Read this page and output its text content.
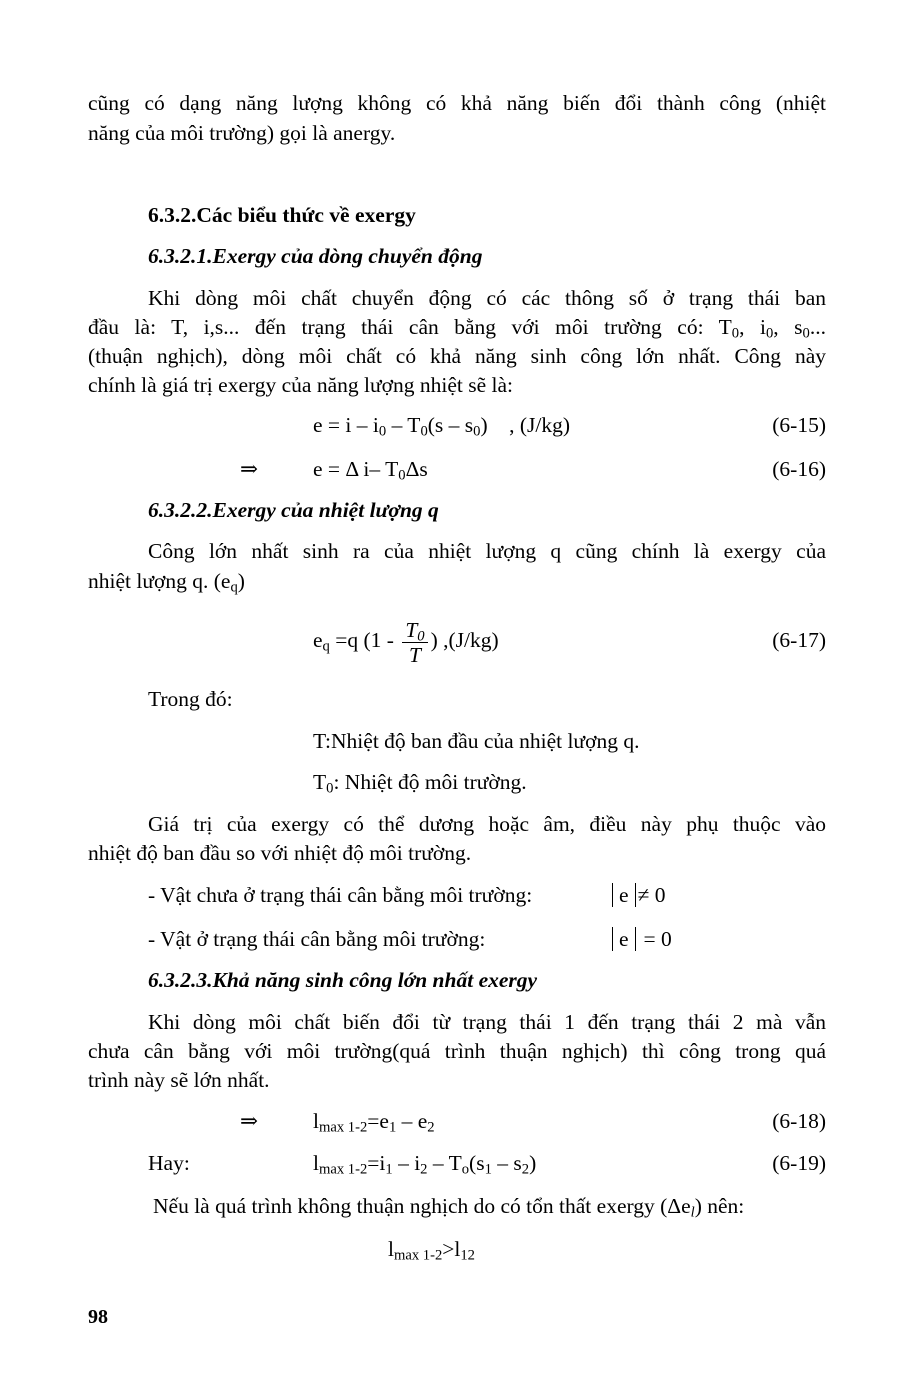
cũng có dạng năng lượng không có khả năng biến đổi thành công (nhiệt
năng của môi trường) gọi là anergy.
6.3.2.Các biểu thức về exergy
6.3.2.1.Exergy của dòng chuyển động
Khi dòng môi chất chuyển động có các thông số ở trạng thái ban
đầu là: T, i,s... đến trạng thái cân bằng với môi trường có: $T_0$, $i_0$, $s_0$...
(thuận nghịch), dòng môi chất có khả năng sinh công lớn nhất. Công này
chính là giá trị exergy của năng lượng nhiệt sẽ là:
$e = i - i_0 - T_0(s - s_0)$    , (J/kg)	(6-15)
⇒	e = Δ i– $T_0\Delta s$	(6-16)
6.3.2.2.Exergy của nhiệt lượng q
Công lớn nhất sinh ra của nhiệt lượng q cũng chính là exergy của
nhiệt lượng q. $(e_q)$
$e_q =q$ ($1 - \frac{T_0}{T}$ ) ,(J/kg)	(6-17)
Trong đó:
T:Nhiệt độ ban đầu của nhiệt lượng q.
$T_0$: Nhiệt độ môi trường.
Giá trị của exergy có thể dương hoặc âm, điều này phụ thuộc vào
nhiệt độ ban đầu so với nhiệt độ môi trường.
- Vật chưa ở trạng thái cân bằng môi trường:	e ≠ 0
- Vật ở trạng thái cân bằng môi trường:	e = 0
6.3.2.3.Khả năng sinh công lớn nhất exergy
Khi dòng môi chất biến đổi từ trạng thái 1 đến trạng thái 2 mà vẫn
chưa cân bằng với môi trường(quá trình thuận nghịch) thì công trong quá
trình này sẽ lớn nhất.
⇒	$l_{max 1-2}=e_1 - e_2$	(6-18)
Hay:	$l_{max 1-2}=i_1 - i_2 - T_o(s_1 - s_2)$	(6-19)
Nếu là quá trình không thuận nghịch do có tổn thất exergy $(\Delta e_l)$ nên:
$l_{max 1-2}>l_{12}$
98
